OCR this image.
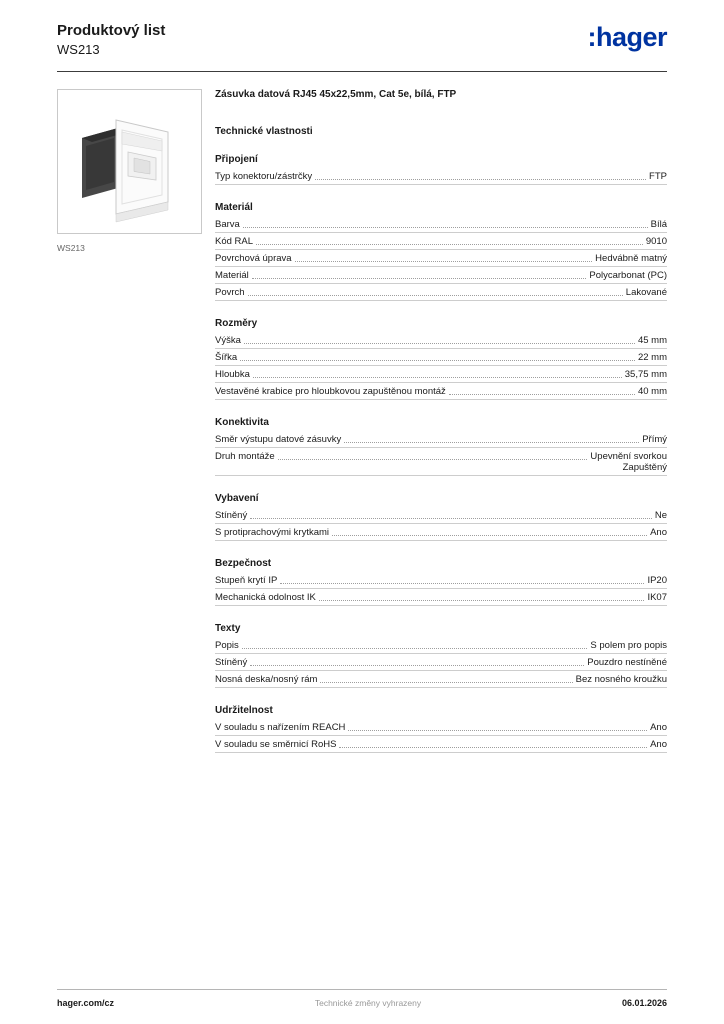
Produktový list
WS213	:hager
WS213
Zásuvka datová RJ45 45x22,5mm, Cat 5e, bílá, FTP
Technické vlastnosti
Připojení
Typ konektoru/zástrčky	FTP
Materiál
Barva	Bílá
Kód RAL	9010
Povrchová úprava	Hedvábně matný
Materiál	Polycarbonat (PC)
Povrch	Lakované
Rozměry
Výška	45 mm
Šířka	22 mm
Hloubka	35,75 mm
Vestavěné krabice pro hloubkovou zapuštěnou montáž	40 mm
Konektivita
Směr výstupu datové zásuvky	Přímý
Druh montáže	Upevnění svorkou
Zapuštěný
Vybavení
Stíněný	Ne
S protiprachovými krytkami	Ano
Bezpečnost
Stupeň krytí IP	IP20
Mechanická odolnost IK	IK07
Texty
Popis	S polem pro popis
Stíněný	Pouzdro nestíněné
Nosná deska/nosný rám	Bez nosného kroužku
Udržitelnost
V souladu s nařízením REACH	Ano
V souladu se směrnicí RoHS	Ano
hager.com/cz	Technické změny vyhrazeny	06.01.2026
